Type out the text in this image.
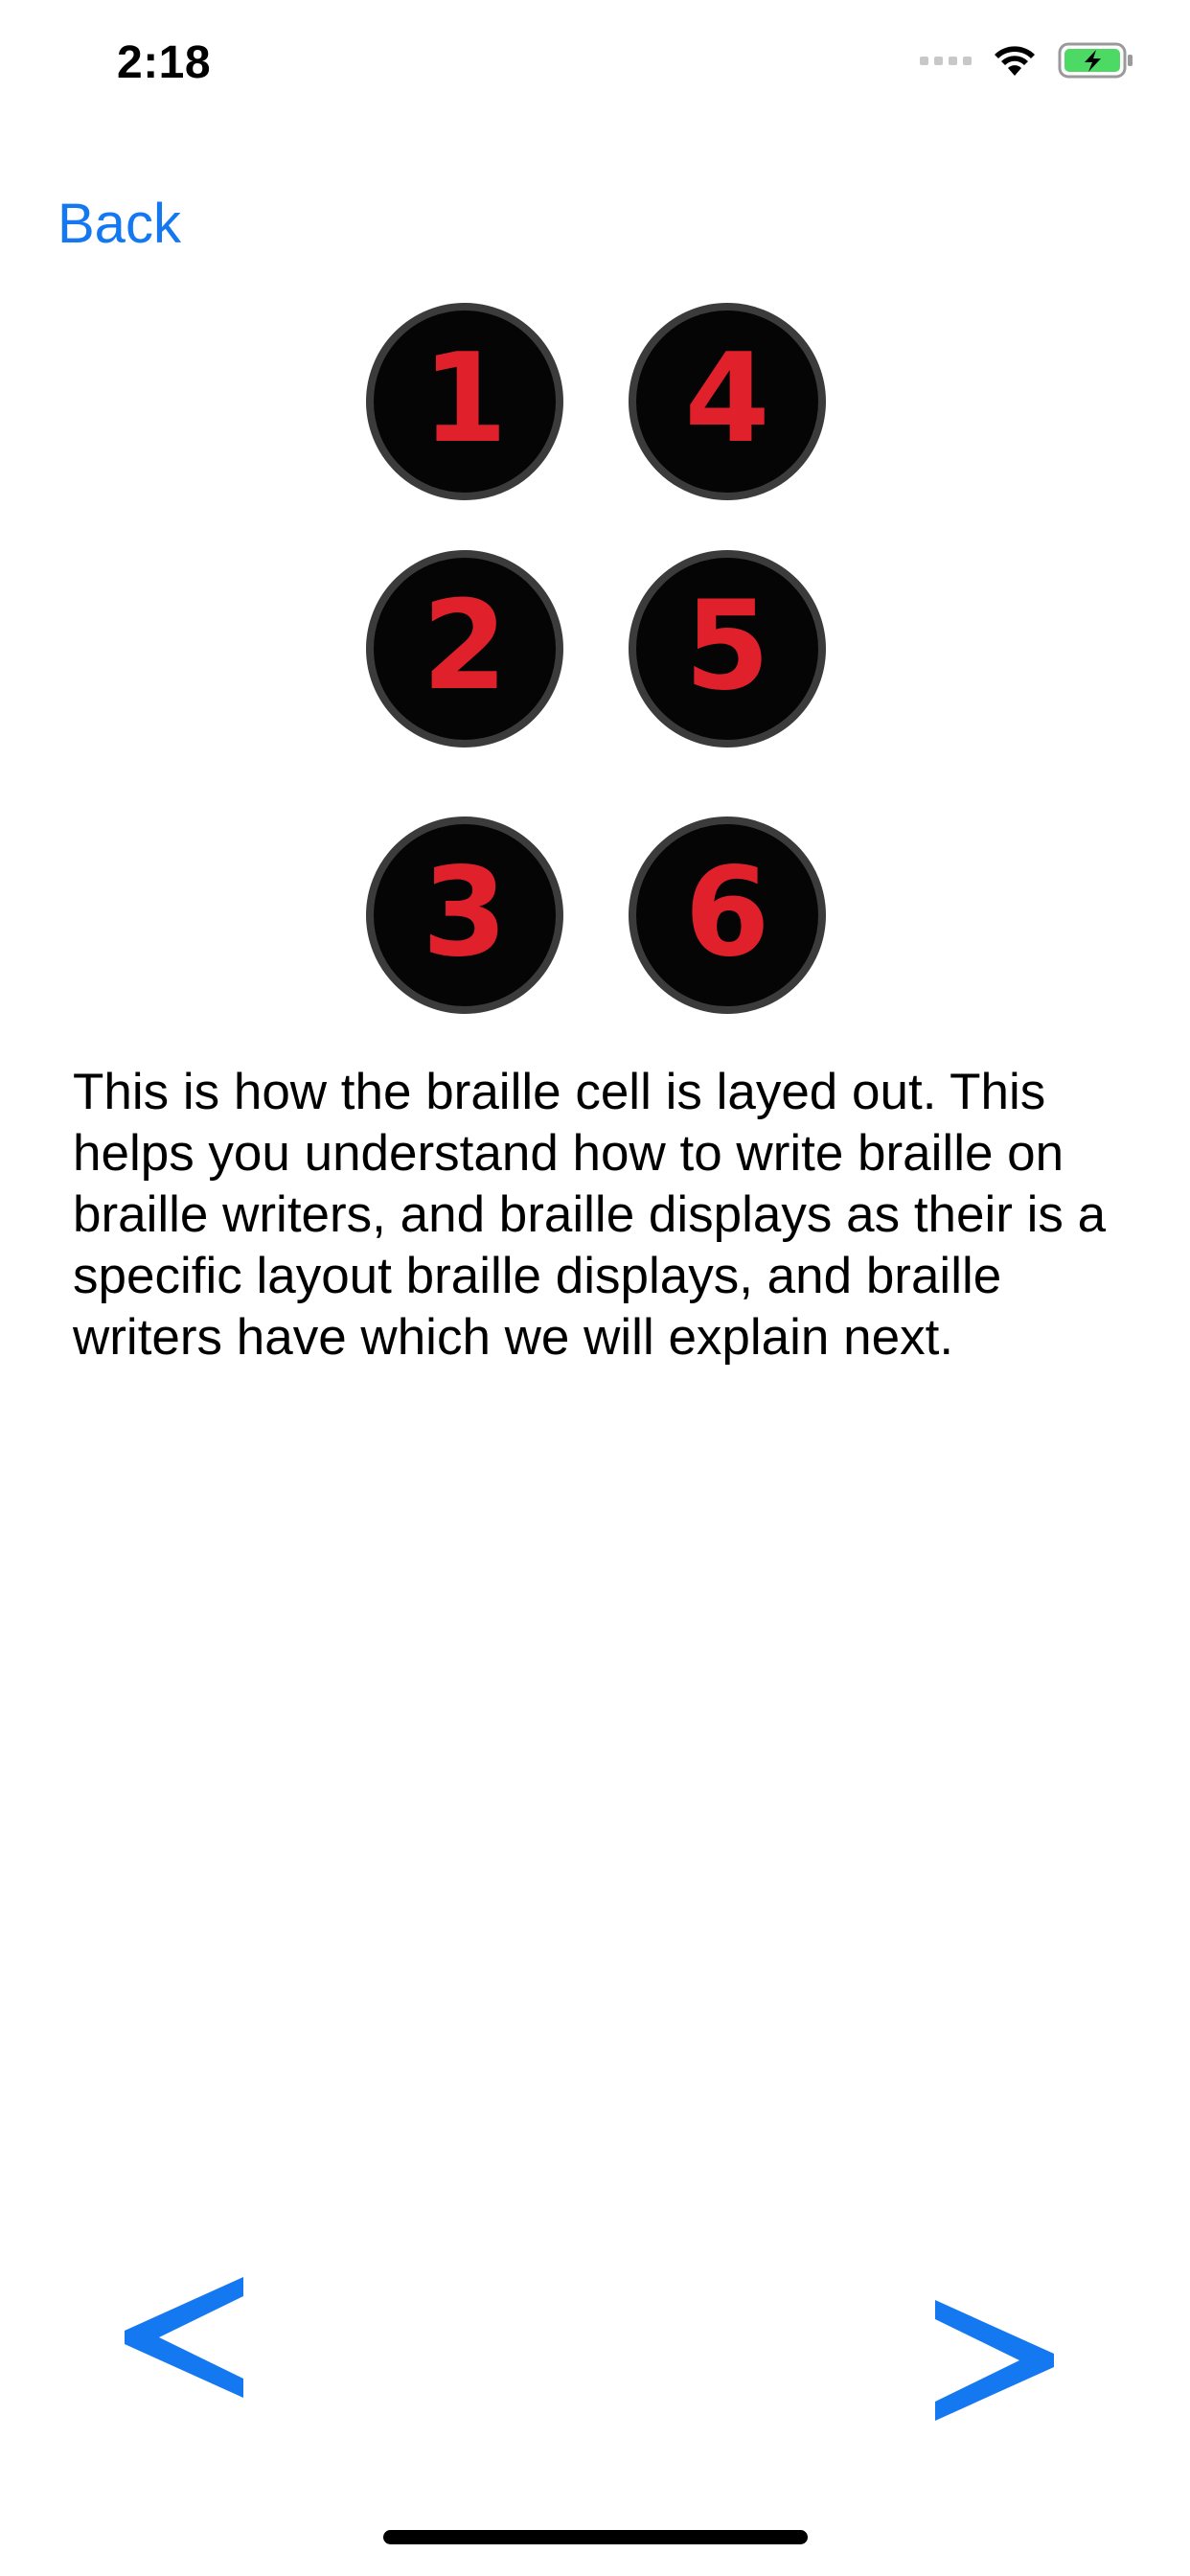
2:18
Back
1
2
3
4
5
6
This is how the braille cell is layed out. This helps you understand how to write braille on braille writers, and braille displays as their is a specific layout braille displays, and braille writers have which we will explain next.
